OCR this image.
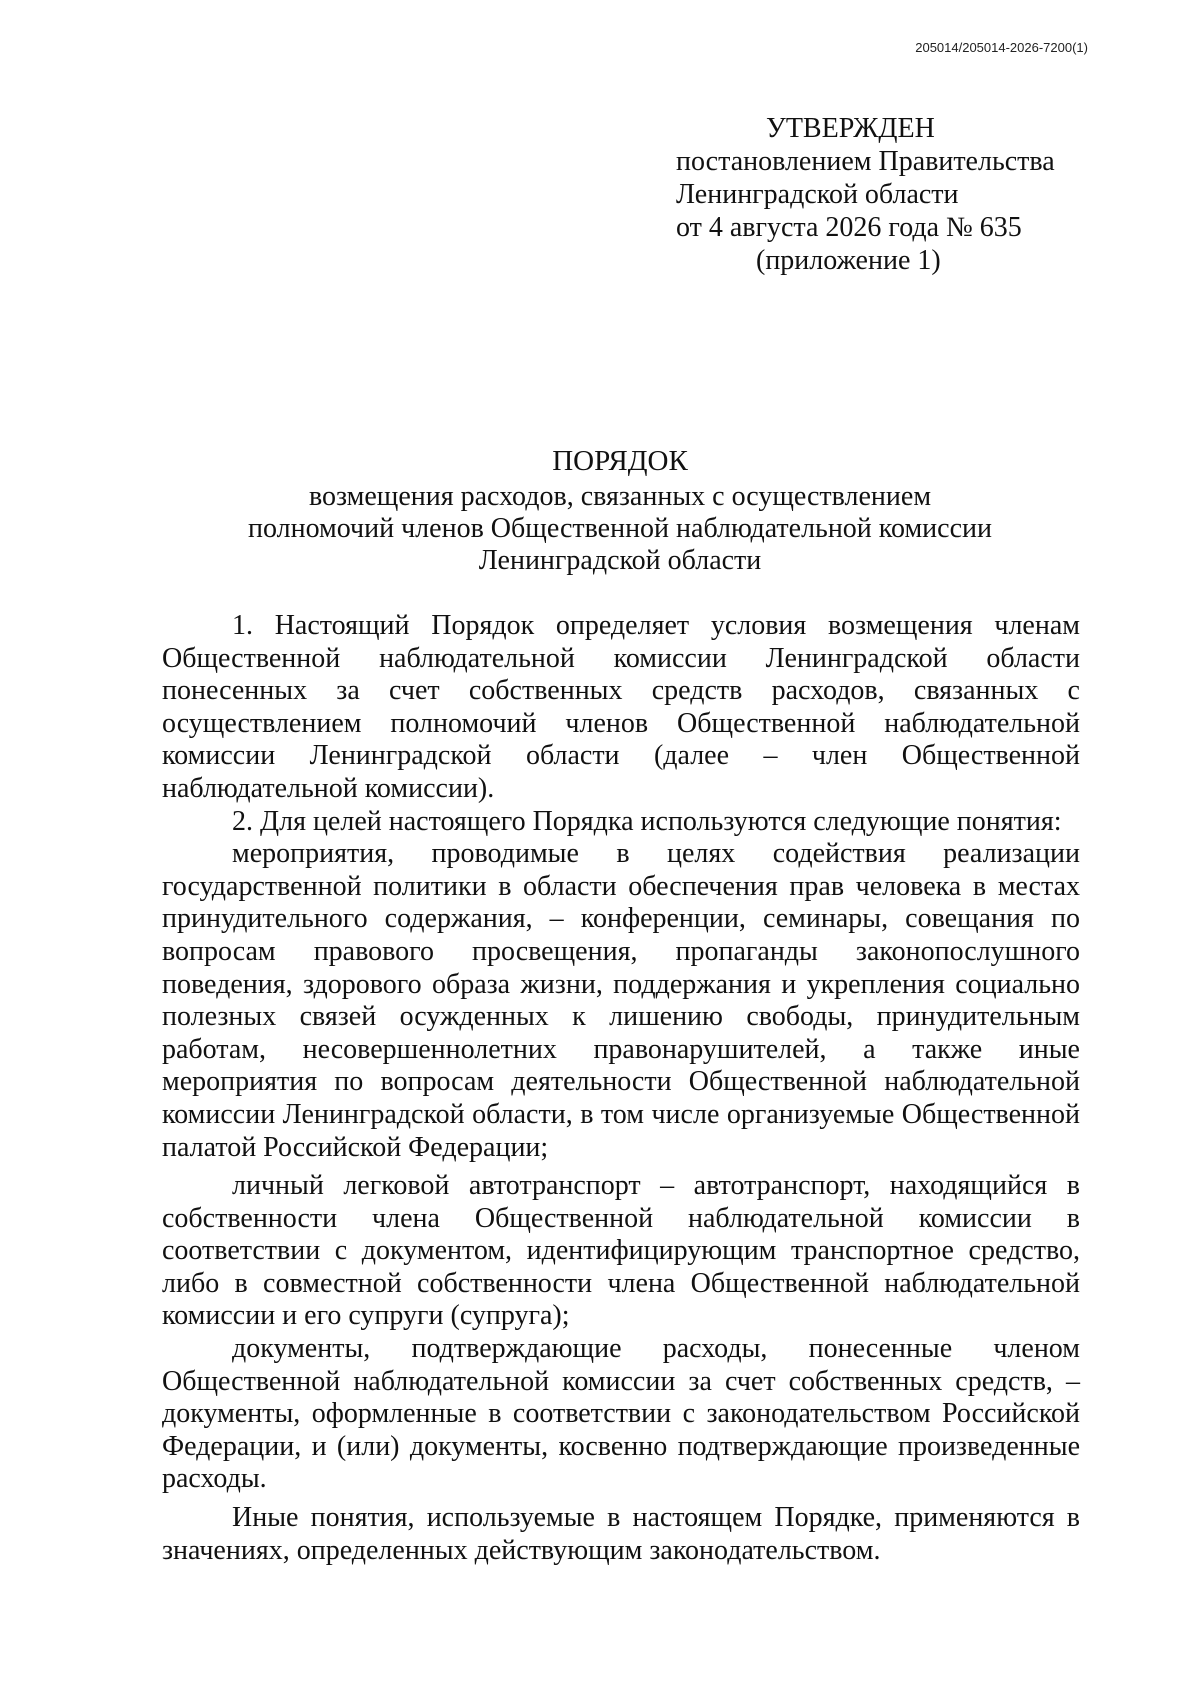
205014/205014-2026-7200(1)
УТВЕРЖДЕН
постановлением Правительства
Ленинградской области
от 4 августа 2026 года № 635
(приложение 1)
ПОРЯДОК
возмещения расходов, связанных с осуществлением
полномочий членов Общественной наблюдательной комиссии
Ленинградской области

1. Настоящий Порядок определяет условия возмещения членам Общественной наблюдательной комиссии Ленинградской области понесенных за счет собственных средств расходов, связанных с осуществлением полномочий членов Общественной наблюдательной комиссии Ленинградской области (далее – член Общественной наблюдательной комиссии).

2. Для целей настоящего Порядка используются следующие понятия:

мероприятия, проводимые в целях содействия реализации государственной политики в области обеспечения прав человека в местах принудительного содержания, – конференции, семинары, совещания по вопросам правового просвещения, пропаганды законопослушного поведения, здорового образа жизни, поддержания и укрепления социально полезных связей осужденных к лишению свободы, принудительным работам, несовершеннолетних правонарушителей, а также иные мероприятия по вопросам деятельности Общественной наблюдательной комиссии Ленинградской области, в том числе организуемые Общественной палатой Российской Федерации;

личный легковой автотранспорт – автотранспорт, находящийся в собственности члена Общественной наблюдательной комиссии в соответствии с документом, идентифицирующим транспортное средство, либо в совместной собственности члена Общественной наблюдательной комиссии и его супруги (супруга);

документы, подтверждающие расходы, понесенные членом Общественной наблюдательной комиссии за счет собственных средств, – документы, оформленные в соответствии с законодательством Российской Федерации, и (или) документы, косвенно подтверждающие произведенные расходы.

Иные понятия, используемые в настоящем Порядке, применяются в значениях, определенных действующим законодательством.
